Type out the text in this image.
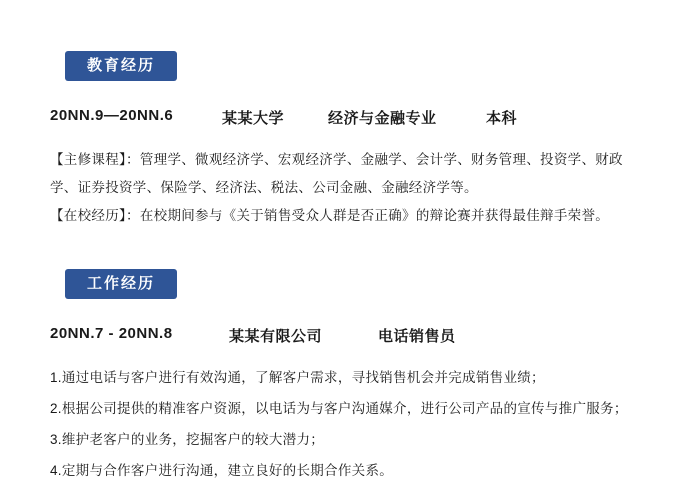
教育经历
20NN.9—20NN.6	某某大学	经济与金融专业	本科
【主修课程】：管理学、微观经济学、宏观经济学、金融学、会计学、财务管理、投资学、财政学、证券投资学、保险学、经济法、税法、公司金融、金融经济学等。
【在校经历】：在校期间参与《关于销售受众人群是否正确》的辩论赛并获得最佳辩手荣誉。
工作经历
20NN.7 - 20NN.8	某某有限公司	电话销售员
1.通过电话与客户进行有效沟通，了解客户需求，寻找销售机会并完成销售业绩；
2.根据公司提供的精准客户资源，以电话为与客户沟通媒介，进行公司产品的宣传与推广服务；
3.维护老客户的业务，挖掘客户的较大潜力；
4.定期与合作客户进行沟通，建立良好的长期合作关系。
